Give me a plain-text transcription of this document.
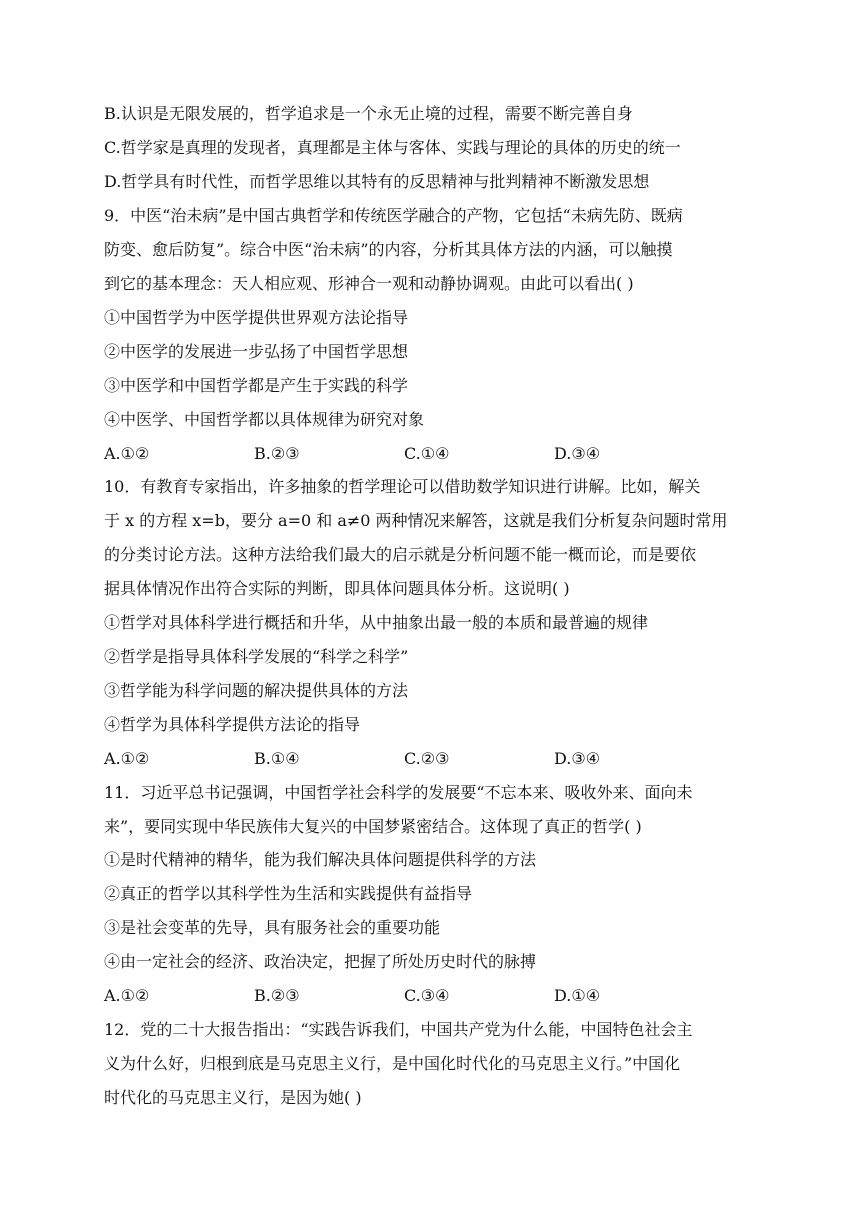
B.认识是无限发展的，哲学追求是一个永无止境的过程，需要不断完善自身
C.哲学家是真理的发现者，真理都是主体与客体、实践与理论的具体的历史的统一
D.哲学具有时代性，而哲学思维以其特有的反思精神与批判精神不断激发思想
9．中医“治未病”是中国古典哲学和传统医学融合的产物，它包括“未病先防、既病
防变、愈后防复”。综合中医“治未病”的内容，分析其具体方法的内涵，可以触摸
到它的基本理念：天人相应观、形神合一观和动静协调观。由此可以看出( )
①中国哲学为中医学提供世界观方法论指导
②中医学的发展进一步弘扬了中国哲学思想
③中医学和中国哲学都是产生于实践的科学
④中医学、中国哲学都以具体规律为研究对象
A.①②	B.②③	C.①④	D.③④
10．有教育专家指出，许多抽象的哲学理论可以借助数学知识进行讲解。比如，解关
于 x 的方程 x=b，要分 a=0 和 a≠0 两种情况来解答，这就是我们分析复杂问题时常用
的分类讨论方法。这种方法给我们最大的启示就是分析问题不能一概而论，而是要依
据具体情况作出符合实际的判断，即具体问题具体分析。这说明( )
①哲学对具体科学进行概括和升华，从中抽象出最一般的本质和最普遍的规律
②哲学是指导具体科学发展的“科学之科学”
③哲学能为科学问题的解决提供具体的方法
④哲学为具体科学提供方法论的指导
A.①②	B.①④	C.②③	D.③④
11．习近平总书记强调，中国哲学社会科学的发展要“不忘本来、吸收外来、面向未
来”，要同实现中华民族伟大复兴的中国梦紧密结合。这体现了真正的哲学( )
①是时代精神的精华，能为我们解决具体问题提供科学的方法
②真正的哲学以其科学性为生活和实践提供有益指导
③是社会变革的先导，具有服务社会的重要功能
④由一定社会的经济、政治决定，把握了所处历史时代的脉搏
A.①②	B.②③	C.③④	D.①④
12．党的二十大报告指出：“实践告诉我们，中国共产党为什么能，中国特色社会主
义为什么好，归根到底是马克思主义行，是中国化时代化的马克思主义行。”中国化
时代化的马克思主义行，是因为她( )
